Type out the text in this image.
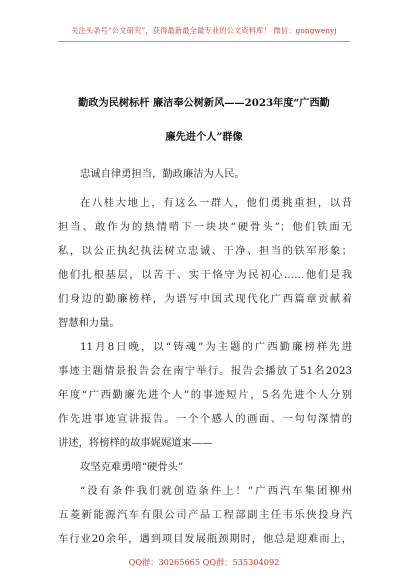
关注头条号“公文研究”，获得最新最全最专业的公文资料库！ 微信：gongwenyj
勤政为民树标杆 廉洁奉公树新风——2023年度“广西勤
廉先进个人”群像
忠诚自律勇担当，勤政廉洁为人民。
在八桂大地上，有这么一群人，他们勇挑重担，以昔
担当、敢作为的热情啃下一块块“硬骨头”；他们铁面无
私，以公正执纪执法树立忠诚、干净、担当的铁军形象；
他们扎根基层，以苦干、实干恪守为民初心……他们是我
们身边的勤廉榜样，为谱写中国式现代化广西篇章贡献着
智慧和力量。
11月8日晚，以“铸魂”为主题的广西勤廉榜样先进
事迹主题情景报告会在南宁举行。报告会播放了51名2023
年度“广西勤廉先进个人”的事迹短片，5名先进个人分别
作先进事迹宣讲报告。一个个感人的画面、一句句深情的
讲述，将榜样的故事娓娓道来——
攻坚克难勇啃“硬骨头”
“没有条件我们就创造条件上！”广西汽车集团柳州
五菱新能源汽车有限公司产品工程部副主任韦乐侠投身汽
车行业20余年，遇到项目发展瓶颈期时，他总是迎难而上，
QQ群：30265665 QQ群：535304092
